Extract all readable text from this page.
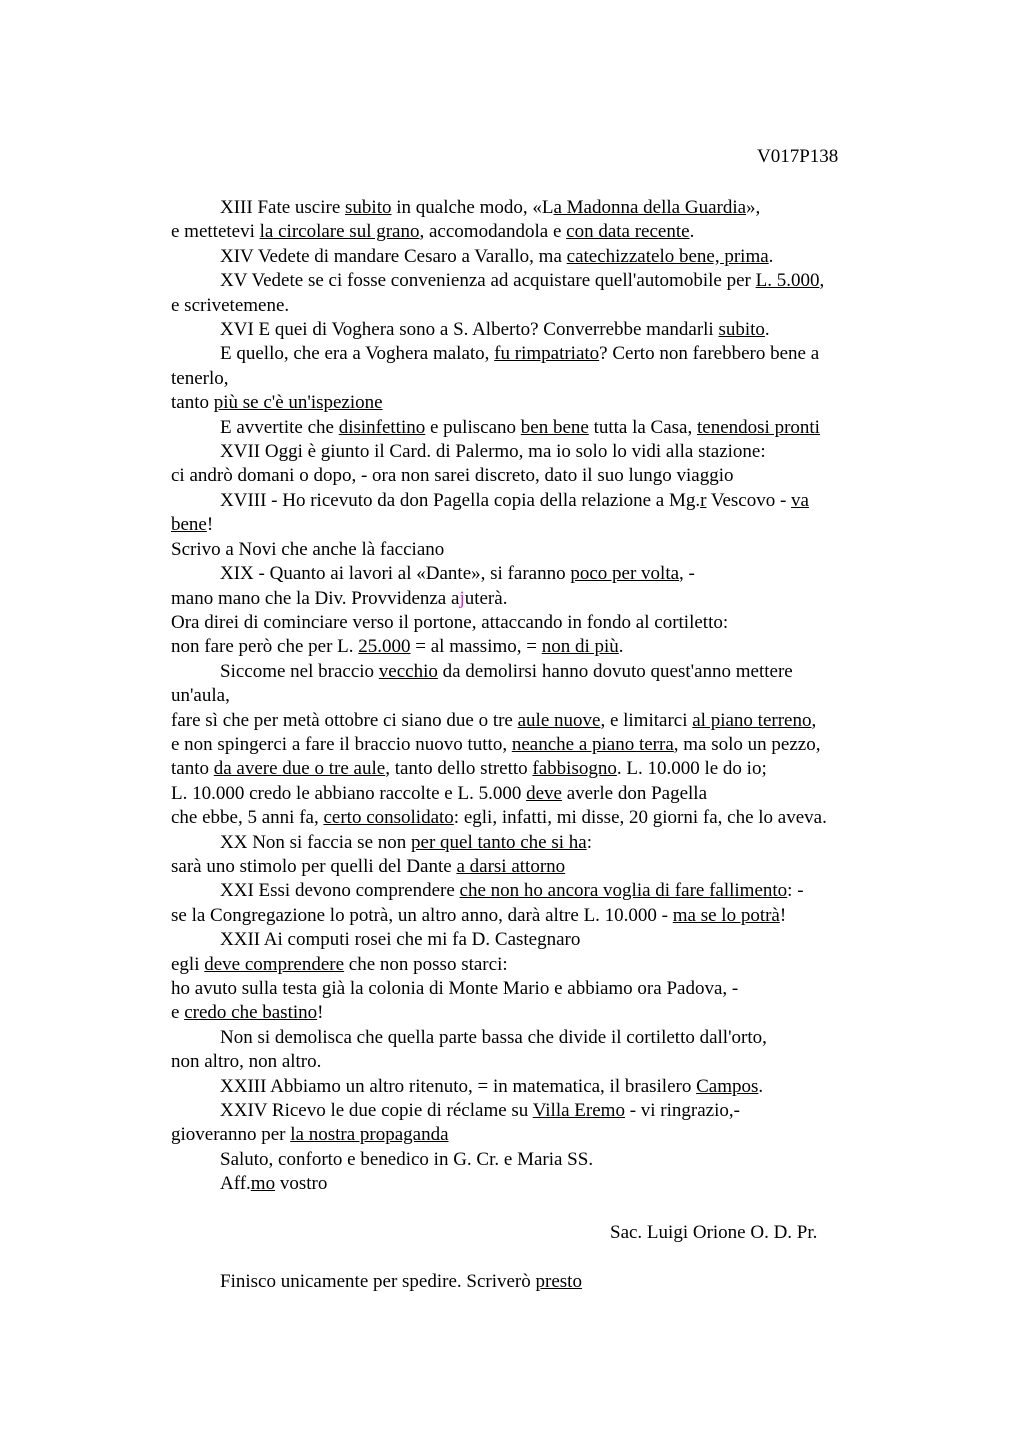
V017P138
XIII Fate uscire subito in qualche modo, «La Madonna della Guardia»,
e mettetevi la circolare sul grano, accomodandola e con data recente.
XIV Vedete di mandare Cesaro a Varallo, ma catechizzatelo bene, prima.
XV Vedete se ci fosse convenienza ad acquistare quell'automobile per L. 5.000,
e scrivetemene.
XVI E quei di Voghera sono a S. Alberto? Converrebbe mandarli subito.
E quello, che era a Voghera malato, fu rimpatriato? Certo non farebbero bene a
tenerlo,
tanto più se c'è un'ispezione
E avvertite che disinfettino e puliscano ben bene tutta la Casa, tenendosi pronti
XVII Oggi è giunto il Card. di Palermo, ma io solo lo vidi alla stazione:
ci andrò domani o dopo, - ora non sarei discreto, dato il suo lungo viaggio
XVIII - Ho ricevuto da don Pagella copia della relazione a Mg.r Vescovo - va
bene!
Scrivo a Novi che anche là facciano
XIX - Quanto ai lavori al «Dante», si faranno poco per volta, -
mano mano che la Div. Provvidenza ajuterà.
Ora direi di cominciare verso il portone, attaccando in fondo al cortiletto:
non fare però che per L. 25.000 = al massimo, = non di più.
Siccome nel braccio vecchio da demolirsi hanno dovuto quest'anno mettere
un'aula,
fare sì che per metà ottobre ci siano due o tre aule nuove, e limitarci al piano terreno,
e non spingerci a fare il braccio nuovo tutto, neanche a piano terra, ma solo un pezzo,
tanto da avere due o tre aule, tanto dello stretto fabbisogno. L. 10.000 le do io;
L. 10.000 credo le abbiano raccolte e L. 5.000 deve averle don Pagella
che ebbe, 5 anni fa, certo consolidato: egli, infatti, mi disse, 20 giorni fa, che lo aveva.
XX Non si faccia se non per quel tanto che si ha:
sarà uno stimolo per quelli del Dante a darsi attorno
XXI Essi devono comprendere che non ho ancora voglia di fare fallimento: -
se la Congregazione lo potrà, un altro anno, darà altre L. 10.000 - ma se lo potrà!
XXII Ai computi rosei che mi fa D. Castegnaro
egli deve comprendere che non posso starci:
ho avuto sulla testa già la colonia di Monte Mario e abbiamo ora Padova, -
e credo che bastino!
Non si demolisca che quella parte bassa che divide il cortiletto dall'orto,
non altro, non altro.
XXIII Abbiamo un altro ritenuto, = in matematica, il brasilero Campos.
XXIV Ricevo le due copie di réclame su Villa Eremo - vi ringrazio,-
gioveranno per la nostra propaganda
Saluto, conforto e benedico in G. Cr. e Maria SS.
Aff.mo vostro
Sac. Luigi Orione O. D. Pr.
Finisco unicamente per spedire. Scriverò presto
